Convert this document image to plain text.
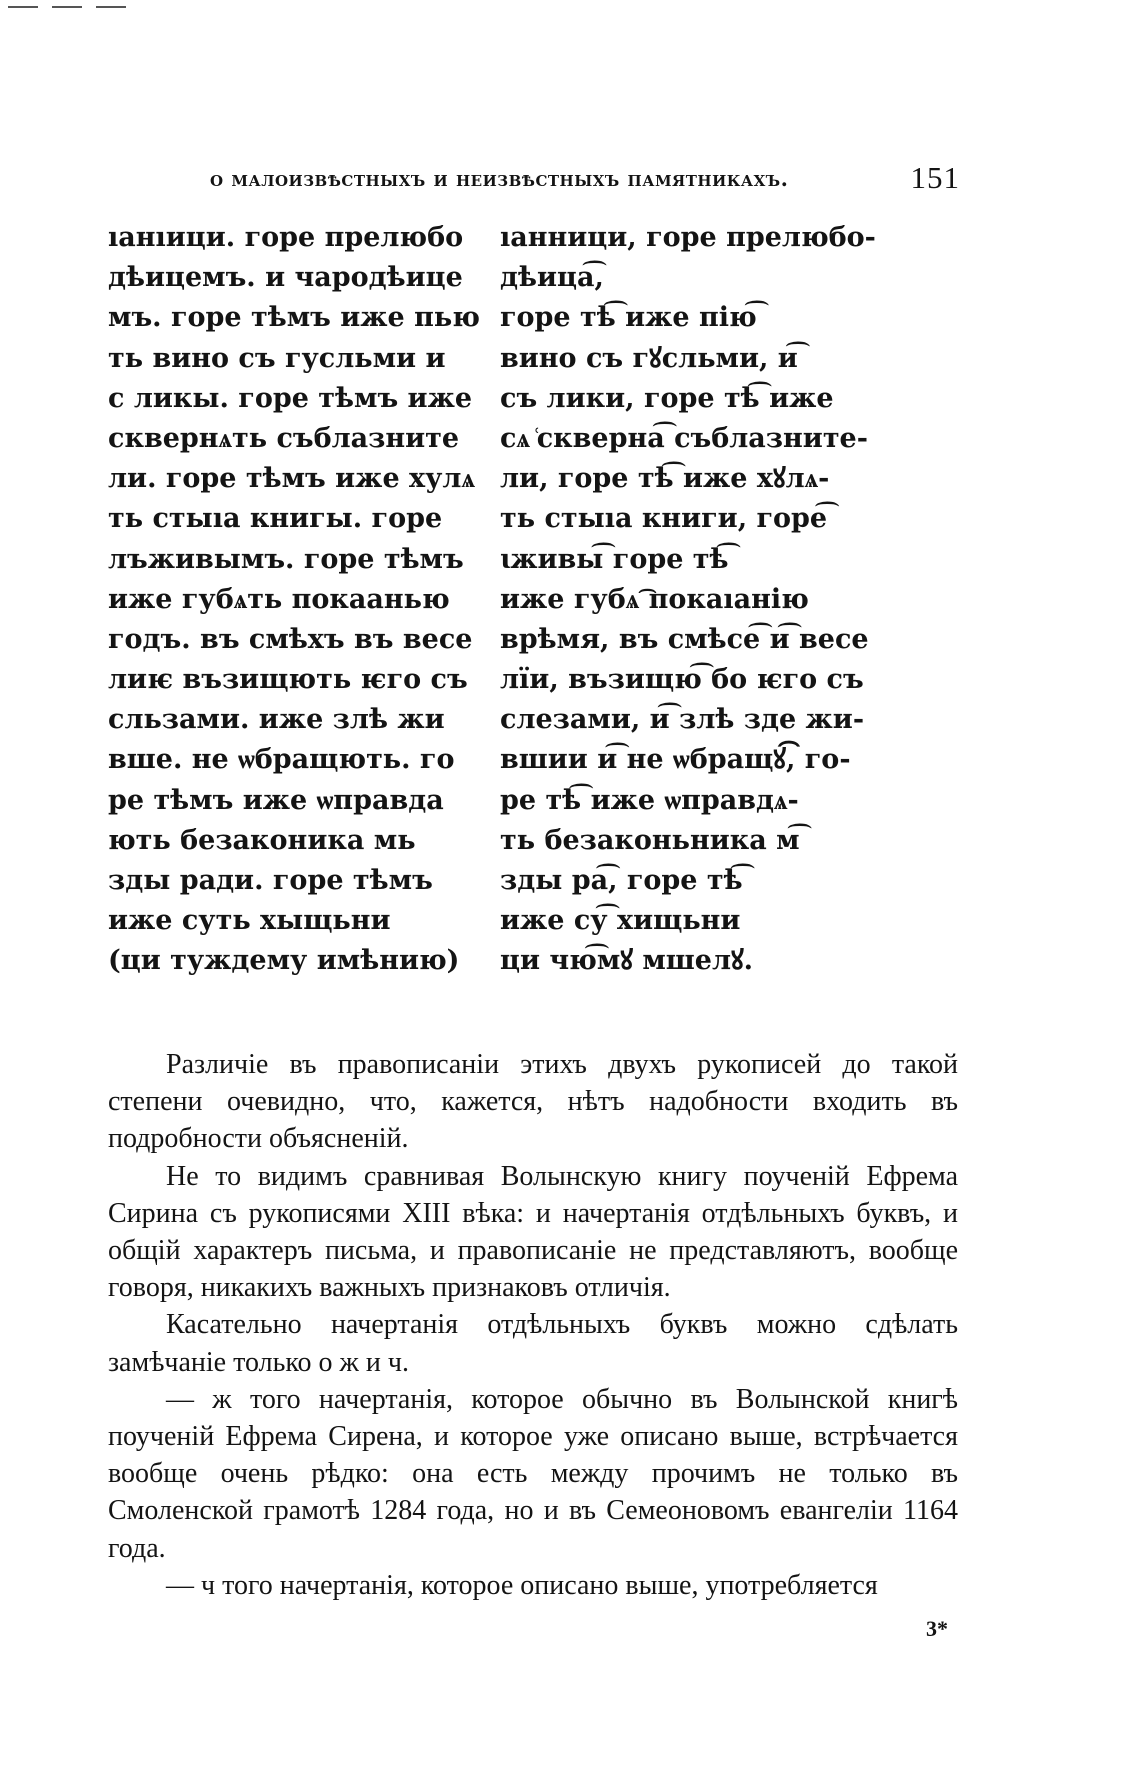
о малоизвѣстныхъ и неизвѣстныхъ памятникахъ.	151
ıанıици. горе прелюбо
дѣицемъ. и чародѣице
мъ. горе тѣмъ иже пью
ть вино съ гусльми и
с ликы. горе тѣмъ иже
сквернѧть съблазните
ли. горе тѣмъ иже хулѧ
ть стыıа книгы. горе
лъживымъ. горе тѣмъ
иже губѧть покаанью
годъ. въ смѣхъ въ весе
лиѥ възищють ѥго съ
сльзами. иже злѣ жи
вше. не ѡбращють. го
ре тѣмъ иже ѡправда
ють безаконика мь
зды ради. горе тѣмъ
иже суть хыщьни
(ци туждему имѣнию)
ıанници, горе прелюбо-
дѣица͡,
горе тѣ͡ иже пію͡
вино съ гꙋсльми, и͡
съ лики, горе тѣ͡ иже
сѧ ͑скверна͡ съблазните-
ли, горе тѣ͡ иже хꙋлѧ-
ть стыıа книги, горе͡
ꙇживы͡ горе тѣ͡
иже губѧ͡ покаıанію
врѣмя, въ смѣсе͡ и͡ весе
лїи, възищю͡ бо ѥго съ
слезами, и͡ злѣ зде жи-
вшии и͡ не ѡбращꙋ͡, го-
ре тѣ͡ иже ѡправдѧ-
ть безаконьника м͡
зды ра͡, горе тѣ͡
иже су͡ хищьни
ци чю͡мꙋ мшелꙋ.

Различіе въ правописаніи этихъ двухъ рукописей до такой степени очевидно, что, кажется, нѣтъ надобности входить въ подробности объясненій.

Не то видимъ сравнивая Волынскую книгу поученій Ефрема Сирина съ рукописями XIII вѣка: и начертанія отдѣльныхъ буквъ, и общій характеръ письма, и правописаніе не представляютъ, вообще говоря, никакихъ важныхъ признаковъ отличія.

Касательно начертанія отдѣльныхъ буквъ можно сдѣлать замѣчаніе только о ж и ч.

— ж того начертанія, которое обычно въ Волынской книгѣ поученій Ефрема Сирена, и которое уже описано выше, встрѣчается вообще очень рѣдко: она есть между прочимъ не только въ Смоленской грамотѣ 1284 года, но и въ Семеоновомъ евангеліи 1164 года.

— ч того начертанія, которое описано выше, употребляется

3*
